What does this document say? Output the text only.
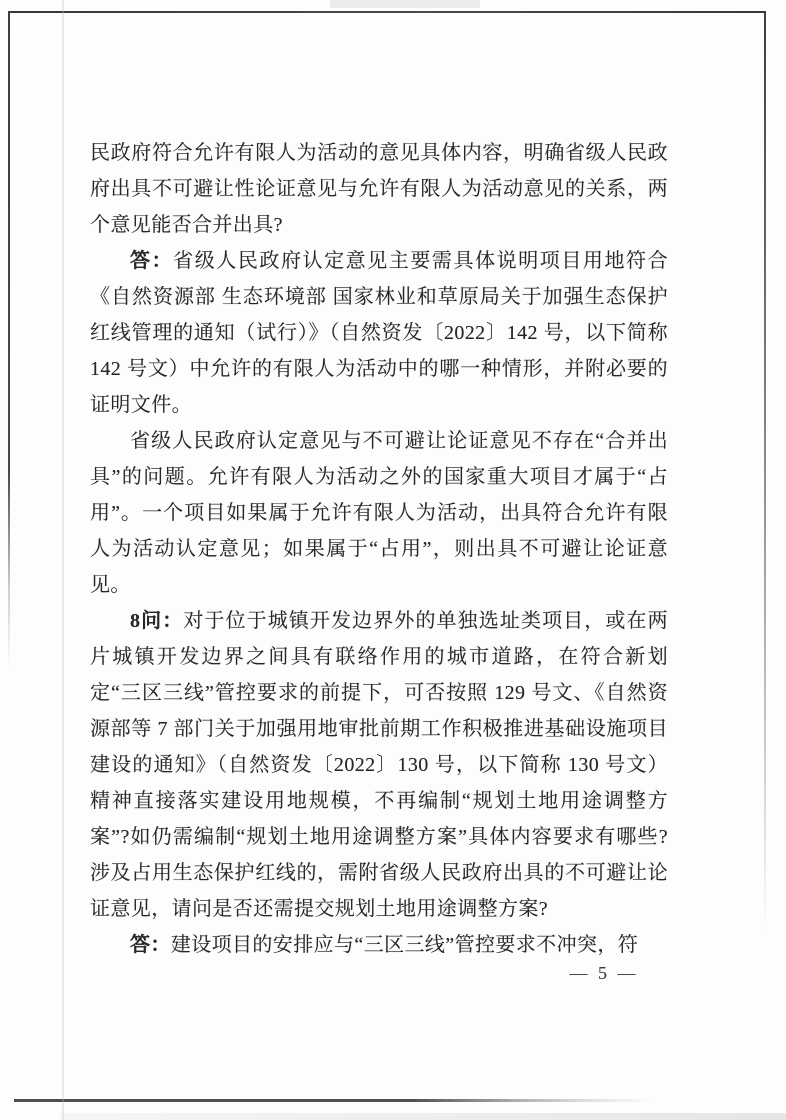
民政府符合允许有限人为活动的意见具体内容，明确省级人民政府出具不可避让性论证意见与允许有限人为活动意见的关系，两个意见能否合并出具?

答：省级人民政府认定意见主要需具体说明项目用地符合《自然资源部 生态环境部 国家林业和草原局关于加强生态保护红线管理的通知（试行）》（自然资发〔2022〕142 号，以下简称 142 号文）中允许的有限人为活动中的哪一种情形，并附必要的证明文件。

省级人民政府认定意见与不可避让论证意见不存在“合并出具”的问题。允许有限人为活动之外的国家重大项目才属于“占用”。一个项目如果属于允许有限人为活动，出具符合允许有限人为活动认定意见；如果属于“占用”，则出具不可避让论证意见。

8问：对于位于城镇开发边界外的单独选址类项目，或在两片城镇开发边界之间具有联络作用的城市道路，在符合新划定“三区三线”管控要求的前提下，可否按照 129 号文、《自然资源部等 7 部门关于加强用地审批前期工作积极推进基础设施项目建设的通知》（自然资发〔2022〕130 号，以下简称 130 号文）精神直接落实建设用地规模，不再编制“规划土地用途调整方案”?如仍需编制“规划土地用途调整方案”具体内容要求有哪些? 涉及占用生态保护红线的，需附省级人民政府出具的不可避让论证意见，请问是否还需提交规划土地用途调整方案?

答：建设项目的安排应与“三区三线”管控要求不冲突，符

— 5 —
